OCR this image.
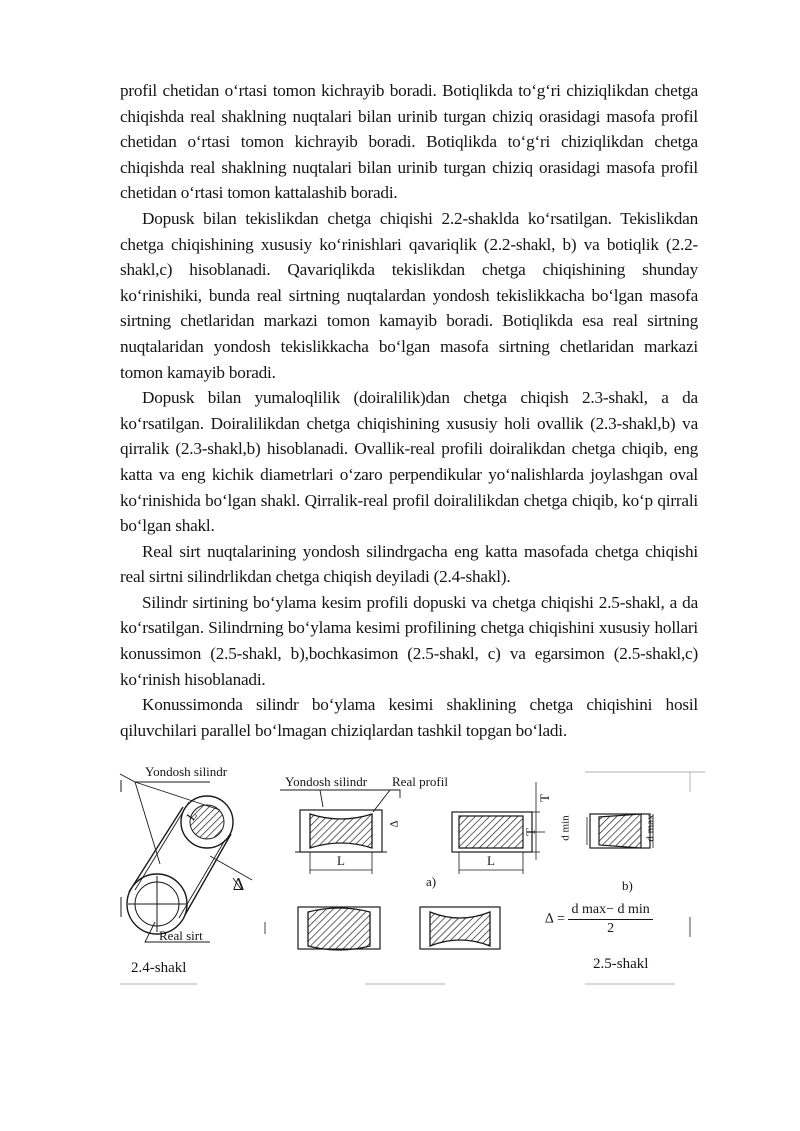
profil chetidan o‘rtasi tomon kichrayib boradi. Botiqlikda to‘g‘ri chiziqlikdan chetga chiqishda real shaklning nuqtalari bilan urinib turgan chiziq orasidagi masofa profil chetidan o‘rtasi tomon kichrayib boradi. Botiqlikda to‘g‘ri chiziqlikdan chetga chiqishda real shaklning nuqtalari bilan urinib turgan chiziq orasidagi masofa profil chetidan o‘rtasi tomon kattalashib boradi.

Dopusk bilan tekislikdan chetga chiqishi 2.2-shaklda ko‘rsatilgan. Tekislikdan chetga chiqishining xususiy ko‘rinishlari qavariqlik (2.2-shakl, b) va botiqlik (2.2-shakl,c) hisoblanadi. Qavariqlikda tekislikdan chetga chiqishining shunday ko‘rinishiki, bunda real sirtning nuqtalardan yondosh tekislikkacha bo‘lgan masofa sirtning chetlaridan markazi tomon kamayib boradi. Botiqlikda esa real sirtning nuqtalaridan yondosh tekislikkacha bo‘lgan masofa sirtning chetlaridan markazi tomon kamayib boradi.

Dopusk bilan yumaloqlilik (doiralilik)dan chetga chiqish 2.3-shakl, a da ko‘rsatilgan. Doiralilikdan chetga chiqishining xususiy holi ovallik (2.3-shakl,b) va qirralik (2.3-shakl,b) hisoblanadi. Ovallik-real profili doiralikdan chetga chiqib, eng katta va eng kichik diametrlari o‘zaro perpendikular yo‘nalishlarda joylashgan oval ko‘rinishida bo‘lgan shakl. Qirralik-real profil doiralilikdan chetga chiqib, ko‘p qirrali bo‘lgan shakl.

Real sirt nuqtalarining yondosh silindrgacha eng katta masofada chetga chiqishi real sirtni silindrlikdan chetga chiqish deyiladi (2.4-shakl).

Silindr sirtining bo‘ylama kesim profili dopuski va chetga chiqishi 2.5-shakl, a da ko‘rsatilgan. Silindrning bo‘ylama kesimi profilining chetga chiqishini xususiy hollari konussimon (2.5-shakl, b),bochkasimon (2.5-shakl, c) va egarsimon (2.5-shakl,c) ko‘rinish hisoblanadi.

Konussimonda silindr bo‘ylama kesimi shaklining chetga chiqishini hosil qiluvchilari parallel bo‘lmagan chiziqlardan tashkil topgan bo‘ladi.

Yondosh silindr
Real sirt
L
∆
2.4-shakl
Yondosh silindr Real profil
L	L
T
T
∆
a)	b)
d min	d max
∆ = $\frac{\text{d max− d min}}{2}$
2.5-shakl
